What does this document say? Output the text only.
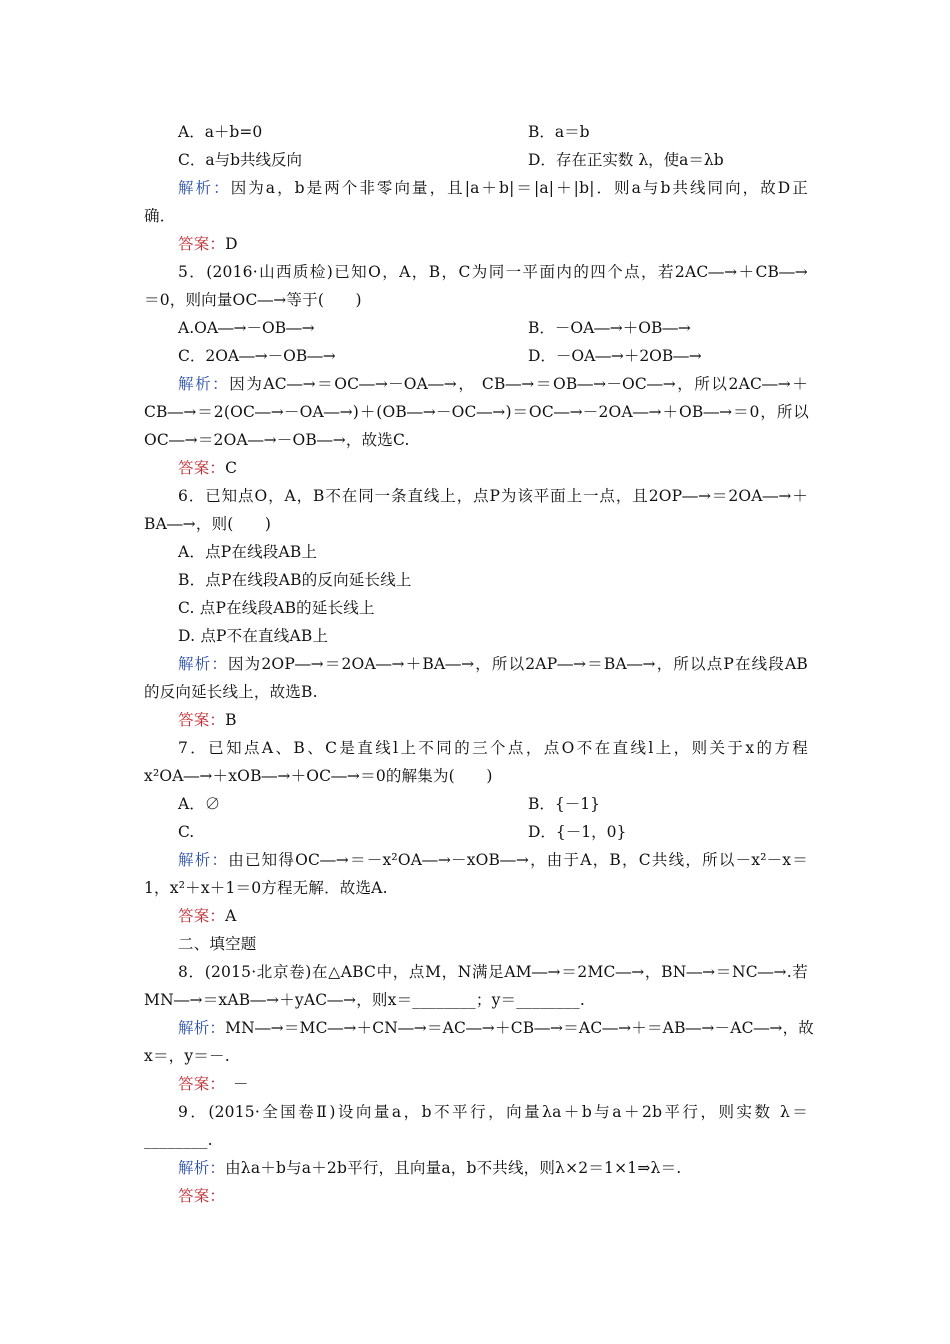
A．a＋b=0	B．a＝b
C．a与b共线反向	D．存在正实数 λ，使a＝λb
解析：因为a，b是两个非零向量，且|a＋b|＝|a|＋|b|．则a与b共线同向，故D正
确．
答案：D
5．(2016·山西质检)已知O，A，B，C为同一平面内的四个点，若2AC―→＋CB―→
＝0，则向量OC―→等于(　　)
A.OA―→－OB―→	B．－OA―→＋OB―→
C．2OA―→－OB―→	D．－OA―→＋2OB―→
解析：因为AC―→＝OC―→－OA―→， CB―→＝OB―→－OC―→，所以2AC―→＋
CB―→＝2(OC―→－OA―→)＋(OB―→－OC―→)＝OC―→－2OA―→＋OB―→＝0，所以
OC―→＝2OA―→－OB―→，故选C.
答案：C
6．已知点O，A，B不在同一条直线上，点P为该平面上一点，且2OP―→＝2OA―→＋
BA―→，则(　　)
A．点P在线段AB上
B．点P在线段AB的反向延长线上
C. 点P在线段AB的延长线上
D. 点P不在直线AB上
解析：因为2OP―→＝2OA―→＋BA―→，所以2AP―→＝BA―→，所以点P在线段AB
的反向延长线上，故选B.
答案：B
7．已知点A、B、C是直线l上不同的三个点，点O不在直线l上，则关于x的方程
x²OA―→＋xOB―→＋OC―→＝0的解集为(　　)
A．∅	B．{－1}
C.	D．{－1，0}
解析：由已知得OC―→＝－x²OA―→－xOB―→，由于A，B，C共线，所以－x²－x＝
1，x²＋x＋1＝0方程无解．故选A.
答案：A
二、填空题
8．(2015·北京卷)在△ABC中，点M，N满足AM―→＝2MC―→，BN―→＝NC―→.若
MN―→＝xAB―→＋yAC―→，则x＝________；y＝________.
解析：MN―→＝MC―→＋CN―→＝AC―→＋CB―→＝AC―→＋＝AB―→－AC―→，故
x＝，y＝－.
答案：　－
9．(2015·全国卷Ⅱ)设向量a，b不平行，向量λa＋b与a＋2b平行，则实数 λ＝
________.
解析：由λa＋b与a＋2b平行，且向量a，b不共线，则λ×2＝1×1⇒λ＝.
答案：
